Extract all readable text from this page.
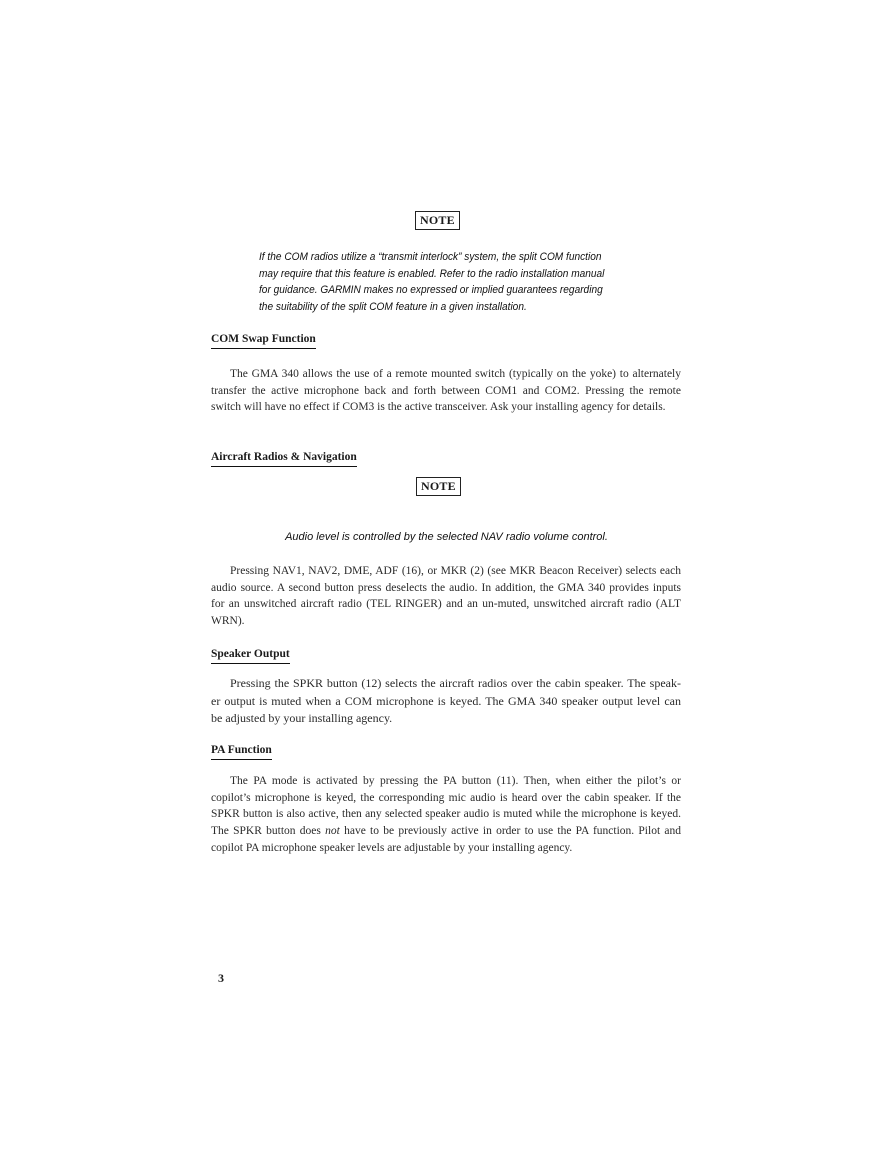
NOTE
If the COM radios utilize a “transmit interlock” system, the split COM function
may require that this feature is enabled. Refer to the radio installation manual
for guidance. GARMIN makes no expressed or implied guarantees regarding
the suitability of the split COM feature in a given installation.
COM Swap Function
The GMA 340 allows the use of a remote mounted switch (typically on the yoke) to alternately
transfer the active microphone back and forth between COM1 and COM2. Pressing the remote
switch will have no effect if COM3 is the active transceiver. Ask your installing agency for details.
Aircraft Radios & Navigation
NOTE
Audio level is controlled by the selected NAV radio volume control.
Pressing NAV1, NAV2, DME, ADF (16), or MKR (2) (see MKR Beacon Receiver) selects each
audio source. A second button press deselects the audio. In addition, the GMA 340 provides inputs
for an unswitched aircraft radio (TEL RINGER) and an un-muted, unswitched aircraft radio (ALT
WRN).
Speaker Output
Pressing the SPKR button (12) selects the aircraft radios over the cabin speaker. The speak-
er output is muted when a COM microphone is keyed. The GMA 340 speaker output level can
be adjusted by your installing agency.
PA Function
The PA mode is activated by pressing the PA button (11). Then, when either the pilot’s or
copilot’s microphone is keyed, the corresponding mic audio is heard over the cabin speaker. If the
SPKR button is also active, then any selected speaker audio is muted while the microphone is keyed.
The SPKR button does not have to be previously active in order to use the PA function. Pilot and
copilot PA microphone speaker levels are adjustable by your installing agency.
3
